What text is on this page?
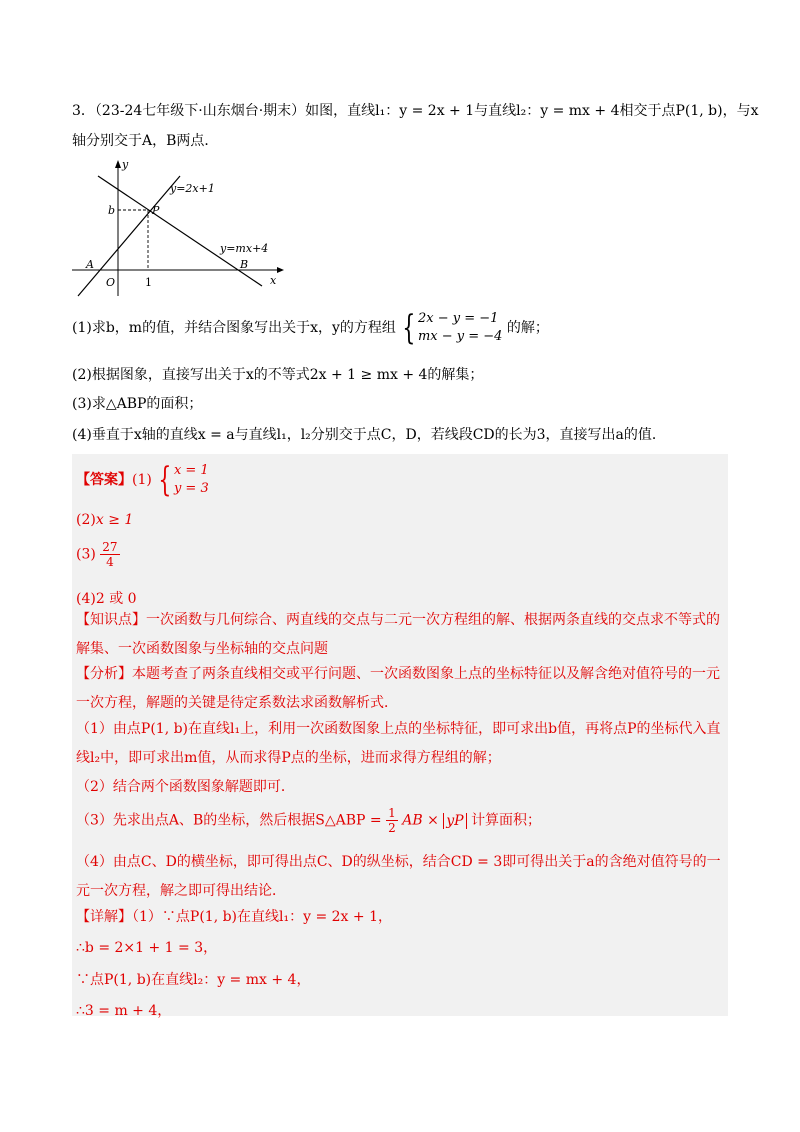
3．（23-24七年级下·山东烟台·期末）如图，直线l₁：y = 2x + 1与直线l₂：y = mx + 4相交于点P(1, b)，与x
轴分别交于A，B两点．
y
x
O
b	P
A	B
1
y=2x+1
y=mx+4
(1)求b，m的值，并结合图象写出关于x，y的方程组 { 2x − y = −1
mx − y = −4
的解；
(2)根据图象，直接写出关于x的不等式2x + 1 ≥ mx + 4的解集；
(3)求△ABP的面积；
(4)垂直于x轴的直线x = a与直线l₁，l₂分别交于点C，D，若线段CD的长为3，直接写出a的值．
【答案】(1) { x = 1
y = 3
(2)x ≥ 1
$(3) \frac{27}{4}$
(4)2 或 0
【知识点】一次函数与几何综合、两直线的交点与二元一次方程组的解、根据两条直线的交点求不等式的解集、一次函数图象与坐标轴的交点问题
【分析】本题考查了两条直线相交或平行问题、一次函数图象上点的坐标特征以及解含绝对值符号的一元一次方程，解题的关键是待定系数法求函数解析式．
（1）由点P(1, b)在直线l₁上，利用一次函数图象上点的坐标特征，即可求出b值，再将点P的坐标代入直线l₂中，即可求出m值，从而求得P点的坐标，进而求得方程组的解；
（2）结合两个函数图象解题即可．
（3）先求出点A、B的坐标，然后根据S△ABP = $\frac{1}{2}$ AB × yP 计算面积；
（4）由点C、D的横坐标，即可得出点C、D的纵坐标，结合CD = 3即可得出关于a的含绝对值符号的一元一次方程，解之即可得出结论．
【详解】（1）∵点P(1, b)在直线l₁：y = 2x + 1，
∴b = 2×1 + 1 = 3，
∵点P(1, b)在直线l₂：y = mx + 4，
∴3 = m + 4，
